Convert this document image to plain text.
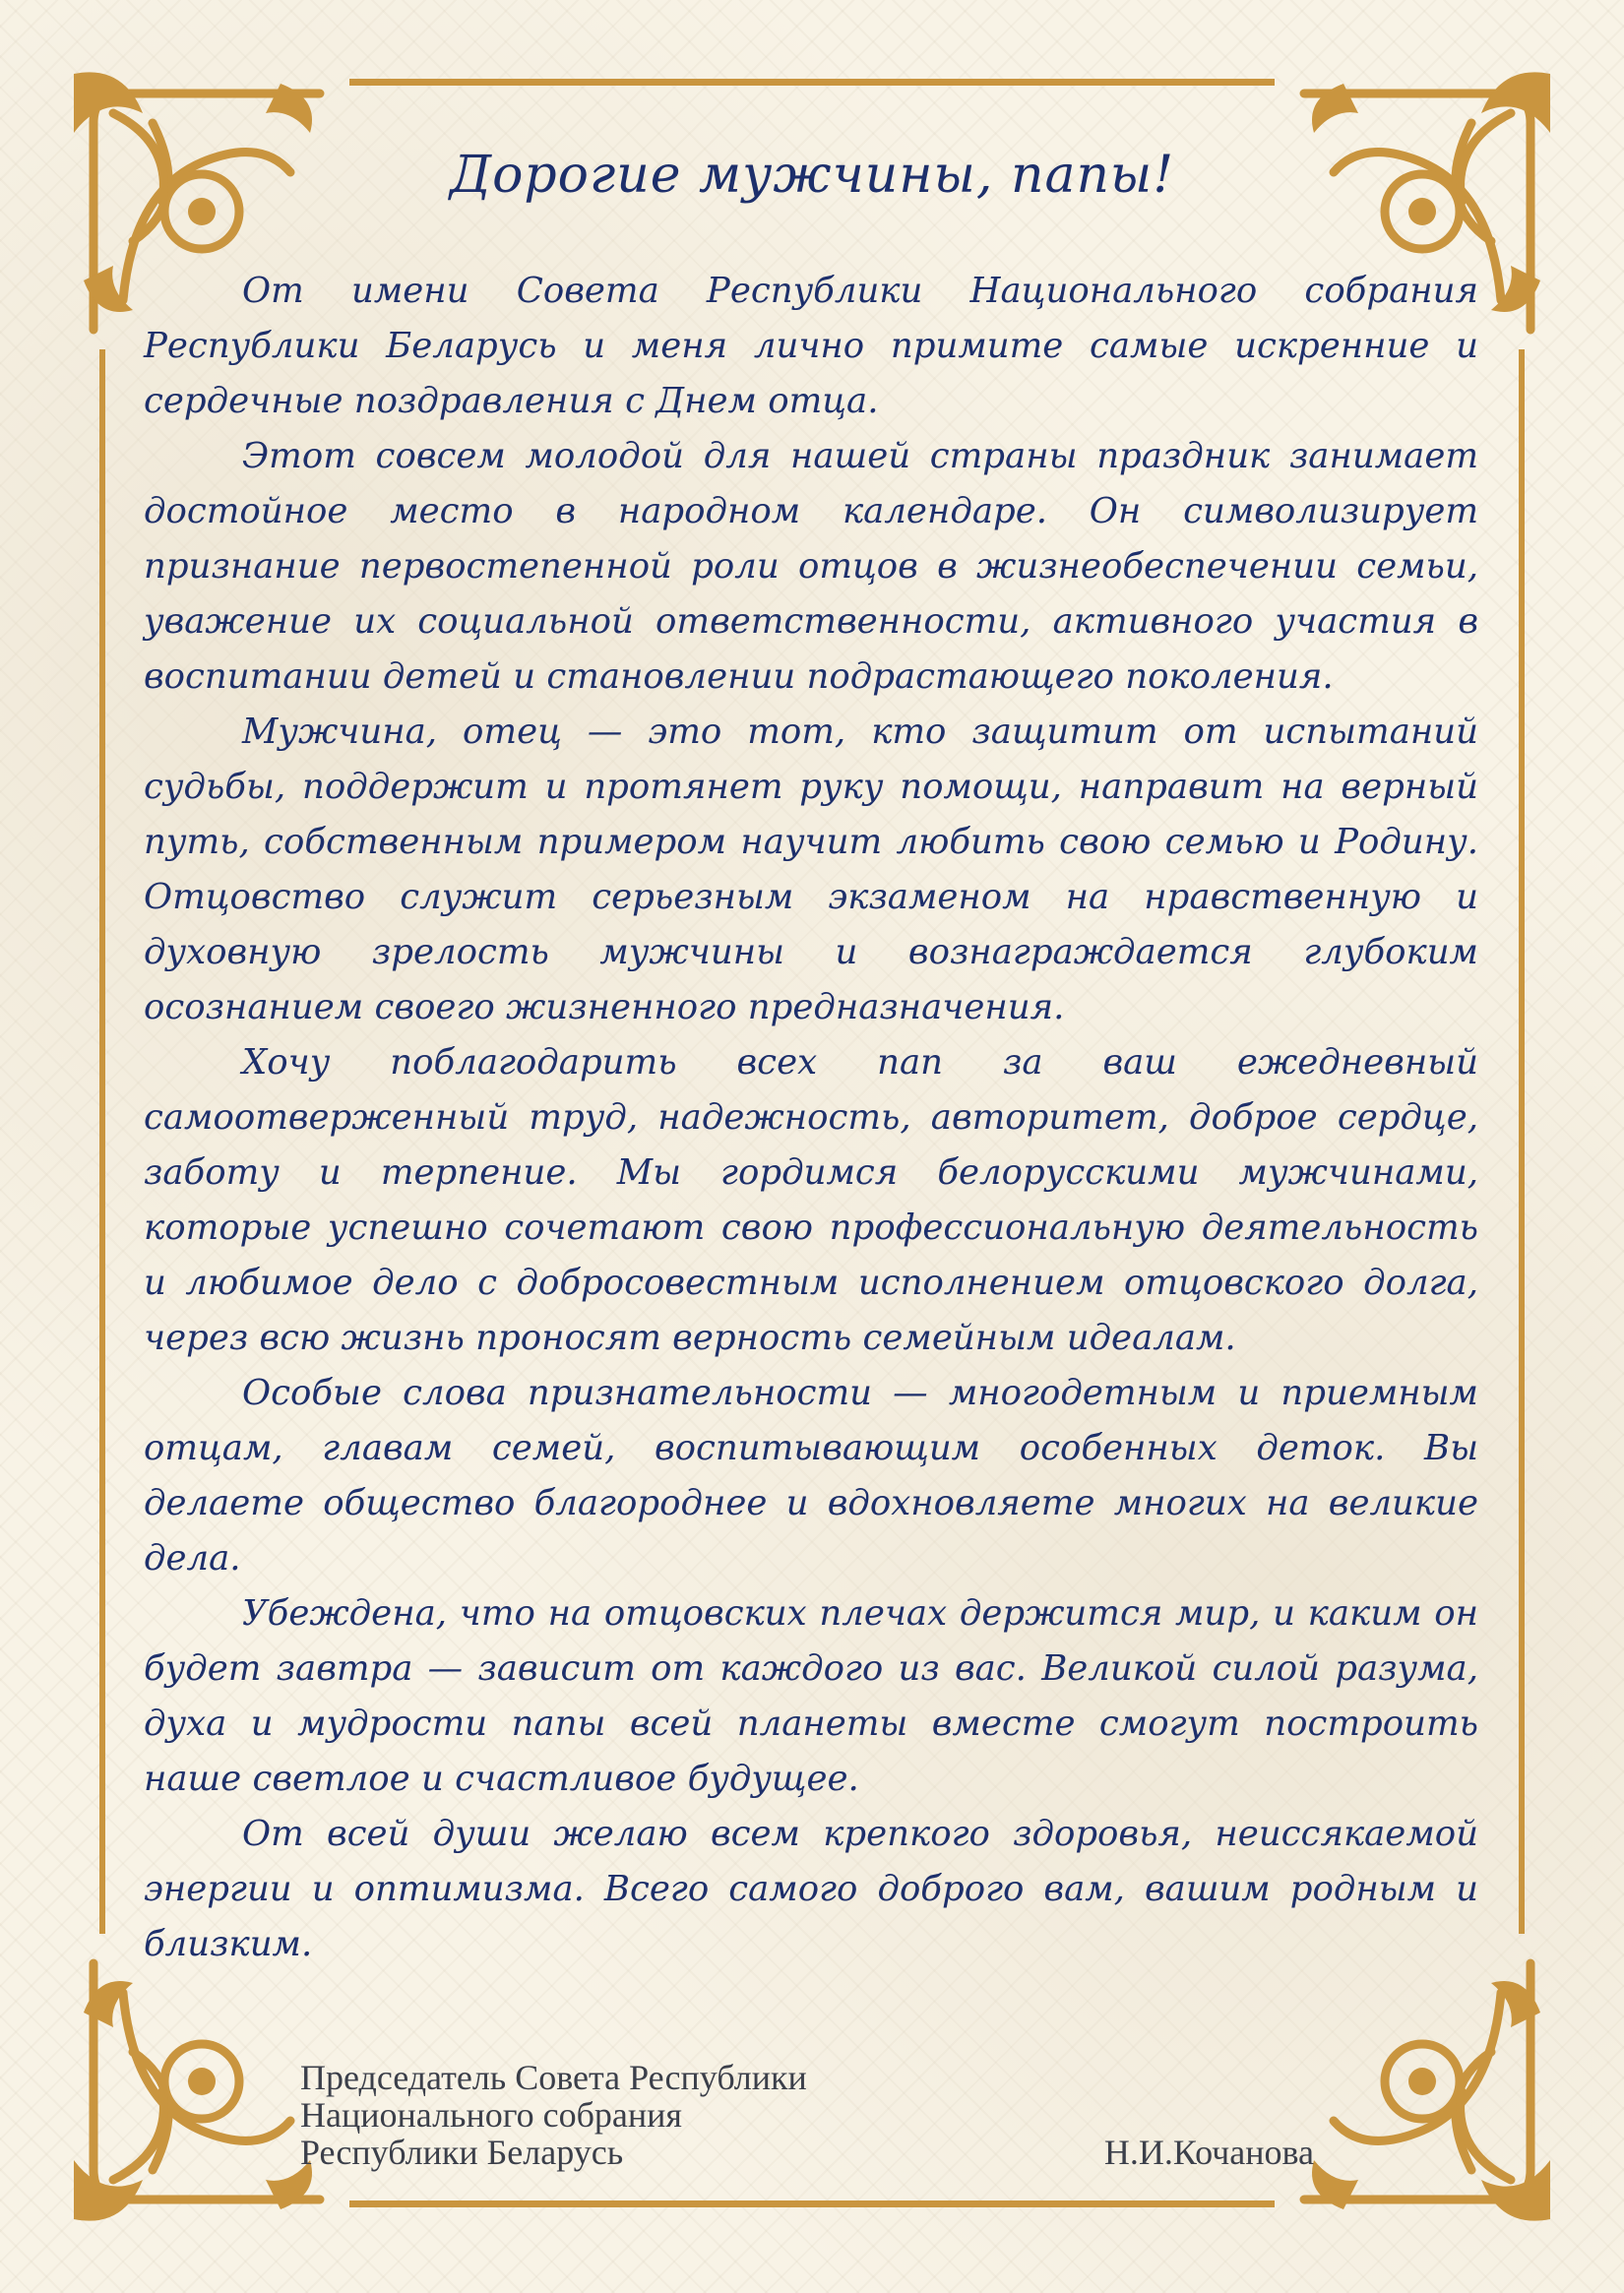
Дорогие мужчины, папы!

От имени Совета Республики Национального собрания Республики Беларусь и меня лично примите самые искренние и сердечные поздравления с Днем отца.

Этот совсем молодой для нашей страны праздник занимает достойное место в народном календаре. Он символизирует признание первостепенной роли отцов в жизнеобеспечении семьи, уважение их социальной ответственности, активного участия в воспитании детей и становлении подрастающего поколения.

Мужчина, отец — это тот, кто защитит от испытаний судьбы, поддержит и протянет руку помощи, направит на верный путь, собственным примером научит любить свою семью и Родину. Отцовство служит серьезным экзаменом на нравственную и духовную зрелость мужчины и вознаграждается глубоким осознанием своего жизненного предназначения.

Хочу поблагодарить всех пап за ваш ежедневный самоотверженный труд, надежность, авторитет, доброе сердце, заботу и терпение. Мы гордимся белорусскими мужчинами, которые успешно сочетают свою профессиональную деятельность и любимое дело с добросовестным исполнением отцовского долга, через всю жизнь проносят верность семейным идеалам.

Особые слова признательности — многодетным и приемным отцам, главам семей, воспитывающим особенных деток. Вы делаете общество благороднее и вдохновляете многих на великие дела.

Убеждена, что на отцовских плечах держится мир, и каким он будет завтра — зависит от каждого из вас. Великой силой разума, духа и мудрости папы всей планеты вместе смогут построить наше светлое и счастливое будущее.

От всей души желаю всем крепкого здоровья, неиссякаемой энергии и оптимизма. Всего самого доброго вам, вашим родным и близким.

Председатель Совета Республики
Национального собрания
Республики Беларусь	Н.И.Кочанова
